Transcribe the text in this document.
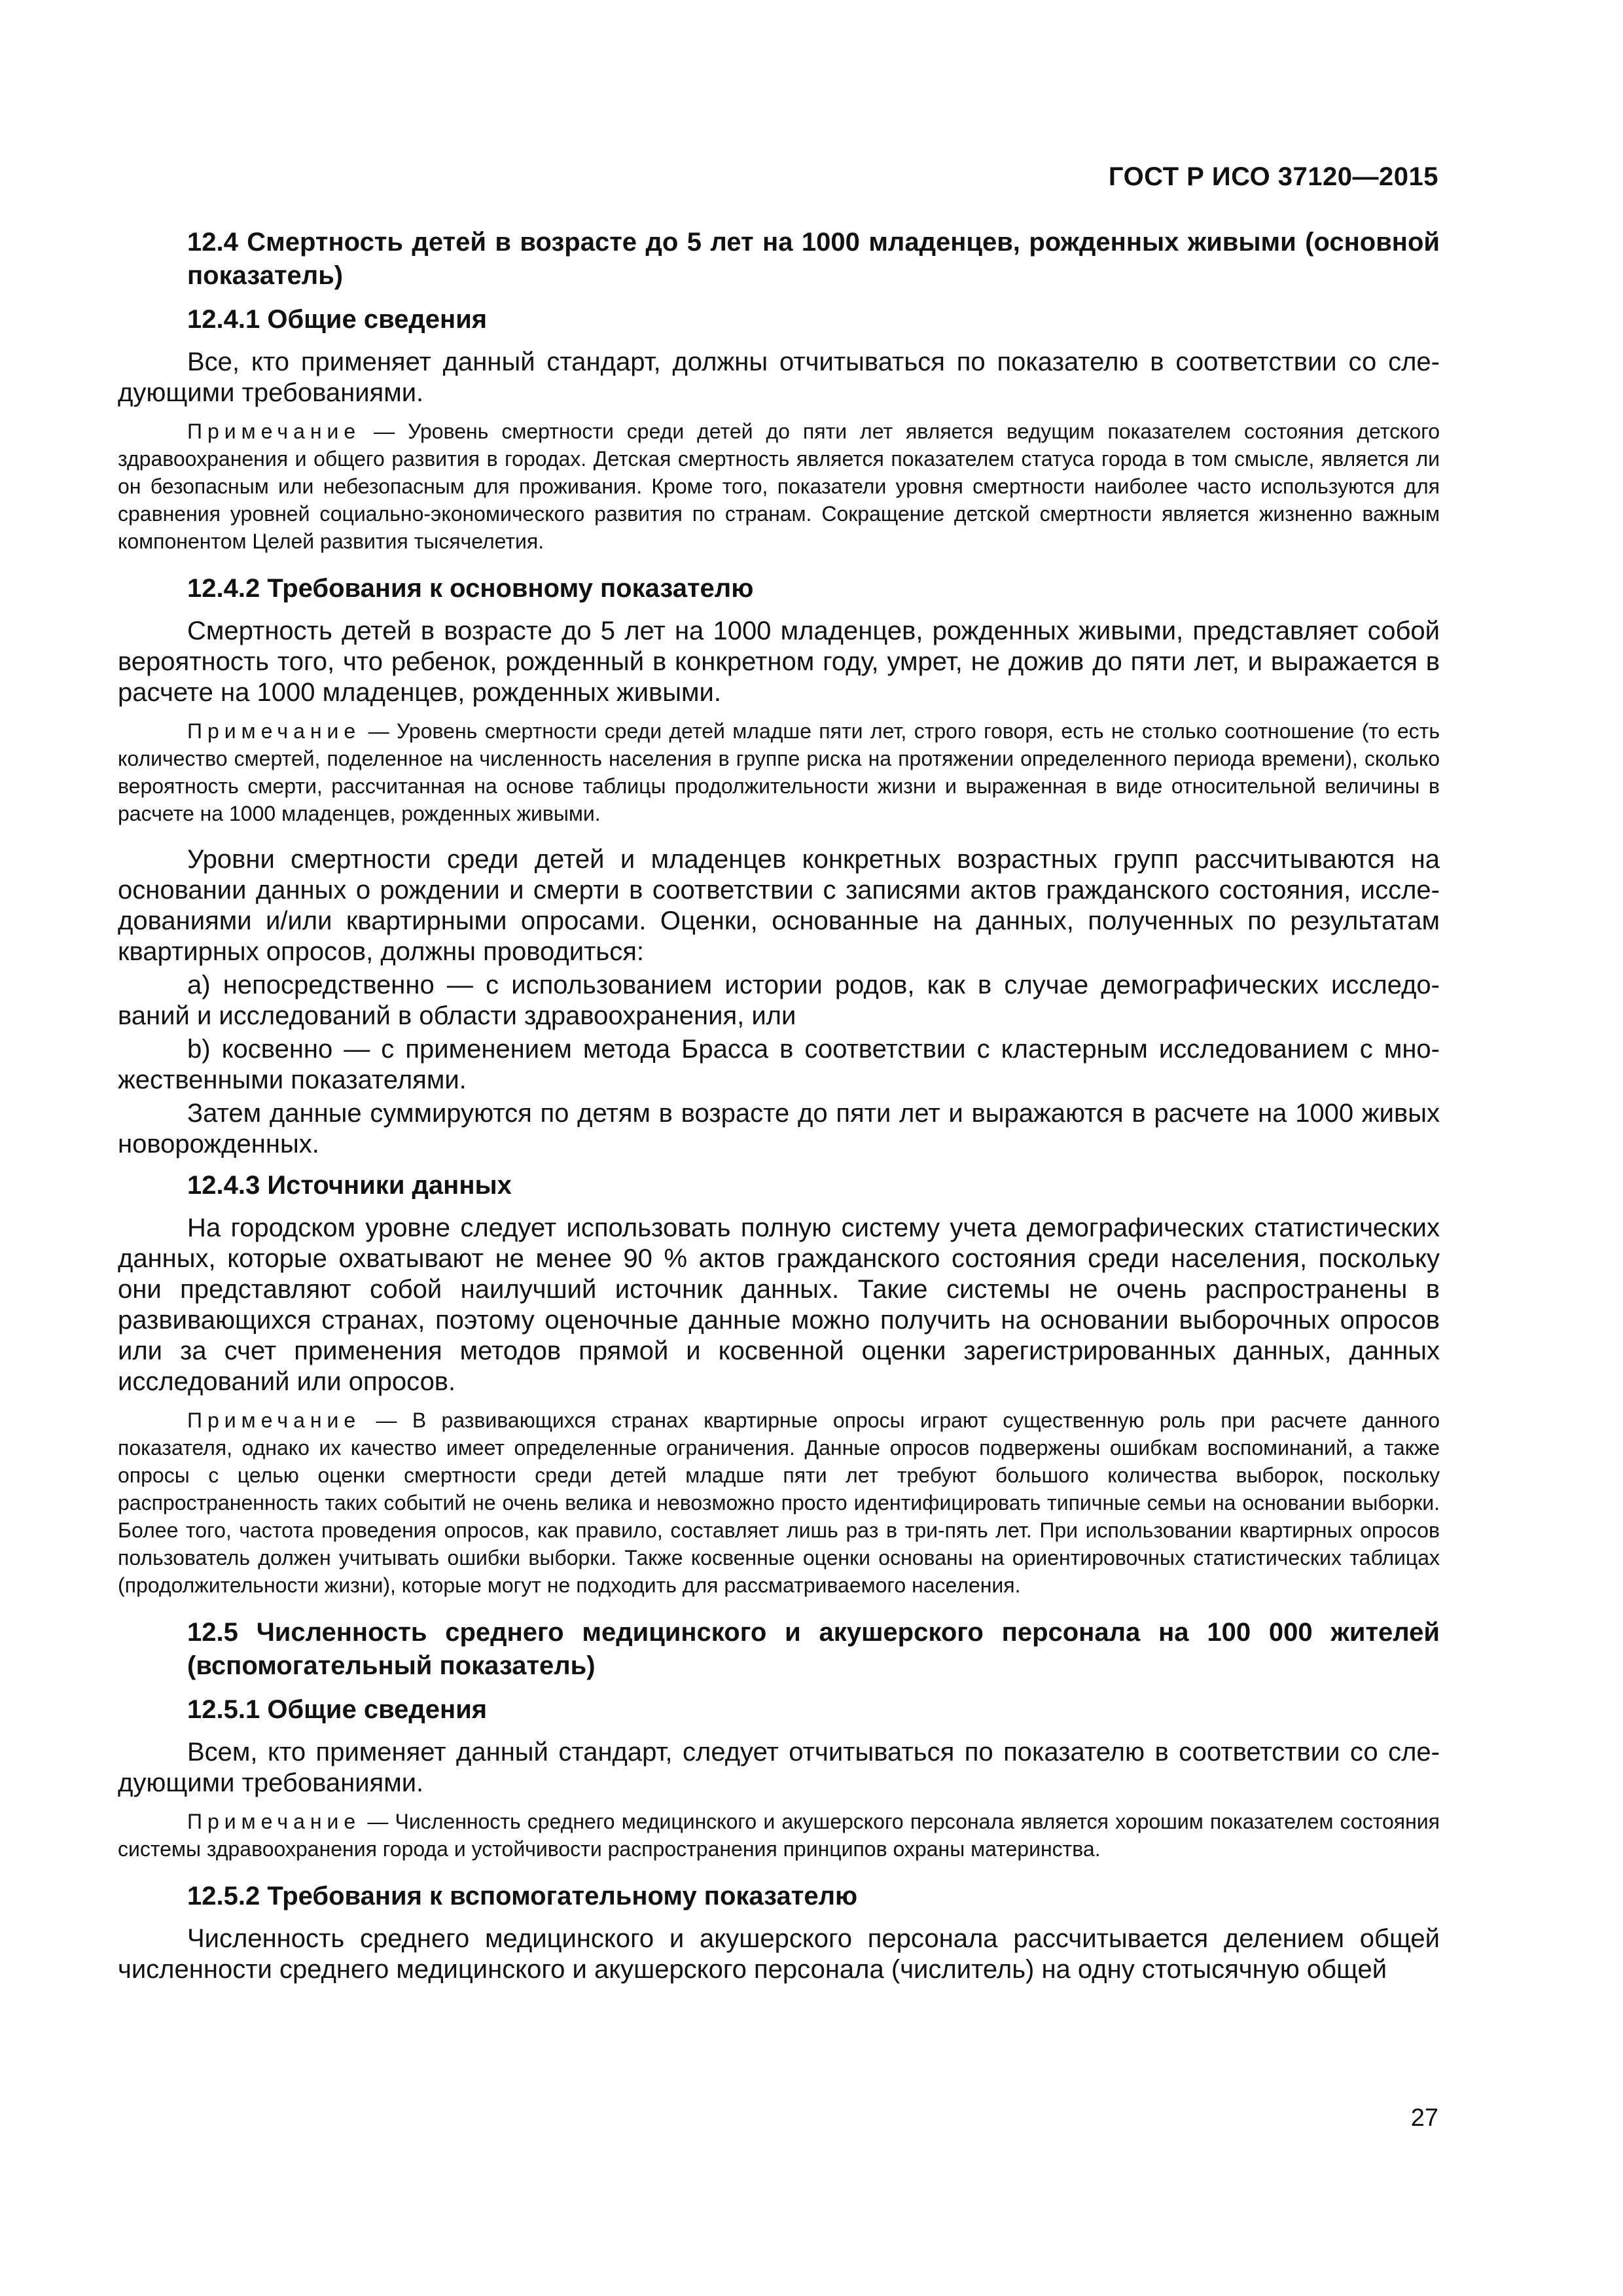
ГОСТ Р ИСО 37120—2015
12.4 Смертность детей в возрасте до 5 лет на 1000 младенцев, рожденных живыми (основной показатель)
12.4.1 Общие сведения
Все, кто применяет данный стандарт, должны отчитываться по показателю в соответствии со следующими требованиями.
Примечание — Уровень смертности среди детей до пяти лет является ведущим показателем состояния детского здравоохранения и общего развития в городах. Детская смертность является показателем статуса города в том смысле, является ли он безопасным или небезопасным для проживания. Кроме того, показатели уровня смертности наиболее часто используются для сравнения уровней социально-экономического развития по странам. Сокращение детской смертности является жизненно важным компонентом Целей развития тысячелетия.
12.4.2 Требования к основному показателю
Смертность детей в возрасте до 5 лет на 1000 младенцев, рожденных живыми, представляет собой вероятность того, что ребенок, рожденный в конкретном году, умрет, не дожив до пяти лет, и выражается в расчете на 1000 младенцев, рожденных живыми.
Примечание — Уровень смертности среди детей младше пяти лет, строго говоря, есть не столько соотношение (то есть количество смертей, поделенное на численность населения в группе риска на протяжении определенного периода времени), сколько вероятность смерти, рассчитанная на основе таблицы продолжительности жизни и выраженная в виде относительной величины в расчете на 1000 младенцев, рожденных живыми.
Уровни смертности среди детей и младенцев конкретных возрастных групп рассчитываются на основании данных о рождении и смерти в соответствии с записями актов гражданского состояния, исследованиями и/или квартирными опросами. Оценки, основанные на данных, полученных по результатам квартирных опросов, должны проводиться:
a) непосредственно — с использованием истории родов, как в случае демографических исследований и исследований в области здравоохранения, или
b) косвенно — с применением метода Брасса в соответствии с кластерным исследованием с множественными показателями.
Затем данные суммируются по детям в возрасте до пяти лет и выражаются в расчете на 1000 живых новорожденных.
12.4.3 Источники данных
На городском уровне следует использовать полную систему учета демографических статистических данных, которые охватывают не менее 90 % актов гражданского состояния среди населения, поскольку они представляют собой наилучший источник данных. Такие системы не очень распространены в развивающихся странах, поэтому оценочные данные можно получить на основании выборочных опросов или за счет применения методов прямой и косвенной оценки зарегистрированных данных, данных исследований или опросов.
Примечание — В развивающихся странах квартирные опросы играют существенную роль при расчете данного показателя, однако их качество имеет определенные ограничения. Данные опросов подвержены ошибкам воспоминаний, а также опросы с целью оценки смертности среди детей младше пяти лет требуют большого количества выборок, поскольку распространенность таких событий не очень велика и невозможно просто идентифицировать типичные семьи на основании выборки. Более того, частота проведения опросов, как правило, составляет лишь раз в три-пять лет. При использовании квартирных опросов пользователь должен учитывать ошибки выборки. Также косвенные оценки основаны на ориентировочных статистических таблицах (продолжительности жизни), которые могут не подходить для рассматриваемого населения.
12.5 Численность среднего медицинского и акушерского персонала на 100 000 жителей (вспомогательный показатель)
12.5.1 Общие сведения
Всем, кто применяет данный стандарт, следует отчитываться по показателю в соответствии со следующими требованиями.
Примечание — Численность среднего медицинского и акушерского персонала является хорошим показателем состояния системы здравоохранения города и устойчивости распространения принципов охраны материнства.
12.5.2 Требования к вспомогательному показателю
Численность среднего медицинского и акушерского персонала рассчитывается делением общей численности среднего медицинского и акушерского персонала (числитель) на одну стотысячную общей
27
